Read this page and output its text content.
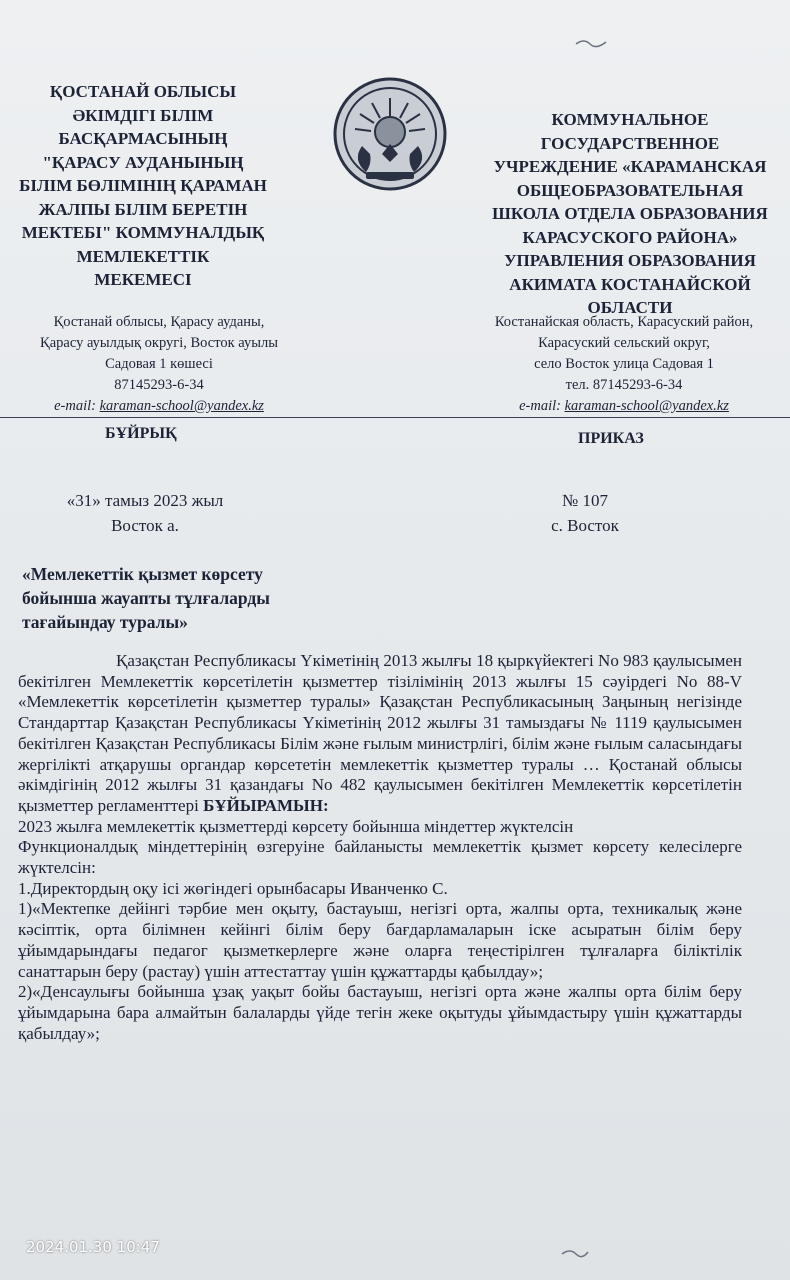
ҚОСТАНАЙ ОБЛЫСЫ
ӘКІМДІГІ БІЛІМ
БАСҚАРМАСЫНЫҢ
"ҚАРАСУ АУДАНЫНЫҢ
БІЛІМ БӨЛІМІНІҢ ҚАРАМАН
ЖАЛПЫ БІЛІМ БЕРЕТІН
МЕКТЕБІ" КОММУНАЛДЫҚ
МЕМЛЕКЕТТІК
МЕКЕМЕСІ
КОММУНАЛЬНОЕ
ГОСУДАРСТВЕННОЕ
УЧРЕЖДЕНИЕ «КАРАМАНСКАЯ
ОБЩЕОБРАЗОВАТЕЛЬНАЯ
ШКОЛА ОТДЕЛА ОБРАЗОВАНИЯ
КАРАСУСКОГО РАЙОНА»
УПРАВЛЕНИЯ ОБРАЗОВАНИЯ
АКИМАТА КОСТАНАЙСКОЙ
ОБЛАСТИ
Қостанай облысы, Қарасу ауданы,
Қарасу ауылдық округі, Восток ауылы
Садовая 1 көшесі
87145293-6-34
e-mail: karaman-school@yandex.kz
Костанайская область, Карасуский район,
Карасуский сельский округ,
село Восток улица Садовая 1
тел. 87145293-6-34
e-mail: karaman-school@yandex.kz
БҰЙРЫҚ	ПРИКАЗ
«31» тамыз 2023 жыл
Восток а.
№ 107
с. Восток
«Мемлекеттік қызмет көрсету
бойынша жауапты тұлғаларды
тағайындау туралы»

Қазақстан Республикасы Үкіметінің 2013 жылғы 18 қыркүйектегі No 983 қаулысымен бекітілген Мемлекеттік көрсетілетін қызметтер тізілімінің 2013 жылғы 15 сәуірдегі No 88-V «Мемлекеттік көрсетілетін қызметтер туралы» Қазақстан Республикасының Заңының негізінде Стандарттар Қазақстан Республикасы Үкіметінің 2012 жылғы 31 тамыздағы № 1119 қаулысымен бекітілген Қазақстан Республикасы Білім және ғылым министрлігі, білім және ғылым саласындағы жергілікті атқарушы органдар көрсететін мемлекеттік қызметтер туралы … Қостанай облысы әкімдігінің 2012 жылғы 31 қазандағы No 482 қаулысымен бекітілген Мемлекеттік көрсетілетін қызметтер регламенттері БҰЙЫРАМЫН:

2023 жылға мемлекеттік қызметтерді көрсету бойынша міндеттер жүктелсін

Функционалдық міндеттерінің өзгеруіне байланысты мемлекеттік қызмет көрсету келесілерге жүктелсін:

1.Директордың оқу ісі жөгіндегі орынбасары Иванченко С.

1)«Мектепке дейінгі тәрбие мен оқыту, бастауыш, негізгі орта, жалпы орта, техникалық және кәсіптік, орта білімнен кейінгі білім беру бағдарламаларын іске асыратын білім беру ұйымдарындағы педагог қызметкерлерге және оларға теңестірілген тұлғаларға біліктілік санаттарын беру (растау) үшін аттестаттау үшін құжаттарды қабылдау»;

2)«Денсаулығы бойынша ұзақ уақыт бойы бастауыш, негізгі орта және жалпы орта білім беру ұйымдарына бара алмайтын балаларды үйде тегін жеке оқытуды ұйымдастыру үшін құжаттарды қабылдау»;

2024.01.30 10:47
